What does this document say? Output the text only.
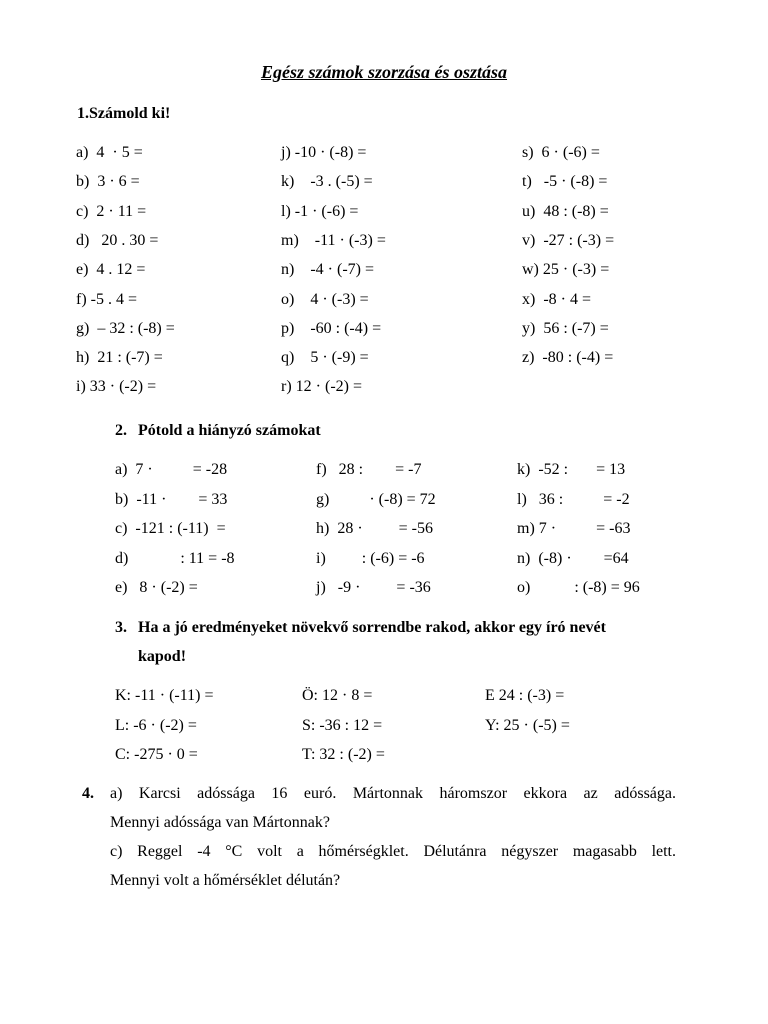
Egész számok szorzása és osztása
1.Számold ki!
a)  4  · 5 =
b)  3 · 6 =
c)  2 · 11 =
d)   20 . 30 =
e)  4 . 12 =
f) -5 . 4 =
g)  – 32 : (-8) =
h)  21 : (-7) =
i) 33 · (-2) =
j) -10 · (-8) =
k)    -3 . (-5) =
l) -1 · (-6) =
m)    -11 · (-3) =
n)    -4 · (-7) =
o)    4 · (-3) =
p)    -60 : (-4) =
q)    5 · (-9) =
r) 12 · (-2) =
s)  6 · (-6) =
t)   -5 · (-8) =
u)  48 : (-8) =
v)  -27 : (-3) =
w) 25 · (-3) =
x)  -8 · 4 =
y)  56 : (-7) =
z)  -80 : (-4) =
2. Pótold a hiányzó számokat
a)  7 ·          = -28
b)  -11 ·        = 33
c)  -121 : (-11)  =
d)             : 11 = -8
e)   8 · (-2) =
f)   28 :        = -7
g)          · (-8) = 72
h)  28 ·         = -56
i)         : (-6) = -6
j)   -9 ·         = -36
k)  -52 :       = 13
l)   36 :          = -2
m) 7 ·          = -63
n)  (-8) ·        =64
o)           : (-8) = 96
3. Ha a jó eredményeket növekvő sorrendbe rakod, akkor egy író nevét
kapod!
K: -11 · (-11) =
L: -6 · (-2) =
C: -275 · 0 =
Ö: 12 · 8 =
S: -36 : 12 =
T: 32 : (-2) =
E 24 : (-3) =
Y: 25 · (-5) =
4. a) Karcsi adóssága 16 euró. Mártonnak háromszor ekkora az adóssága.
Mennyi adóssága van Mártonnak?
c) Reggel -4 °C volt a hőmérségklet. Délutánra négyszer magasabb lett.
Mennyi volt a hőmérséklet délután?
